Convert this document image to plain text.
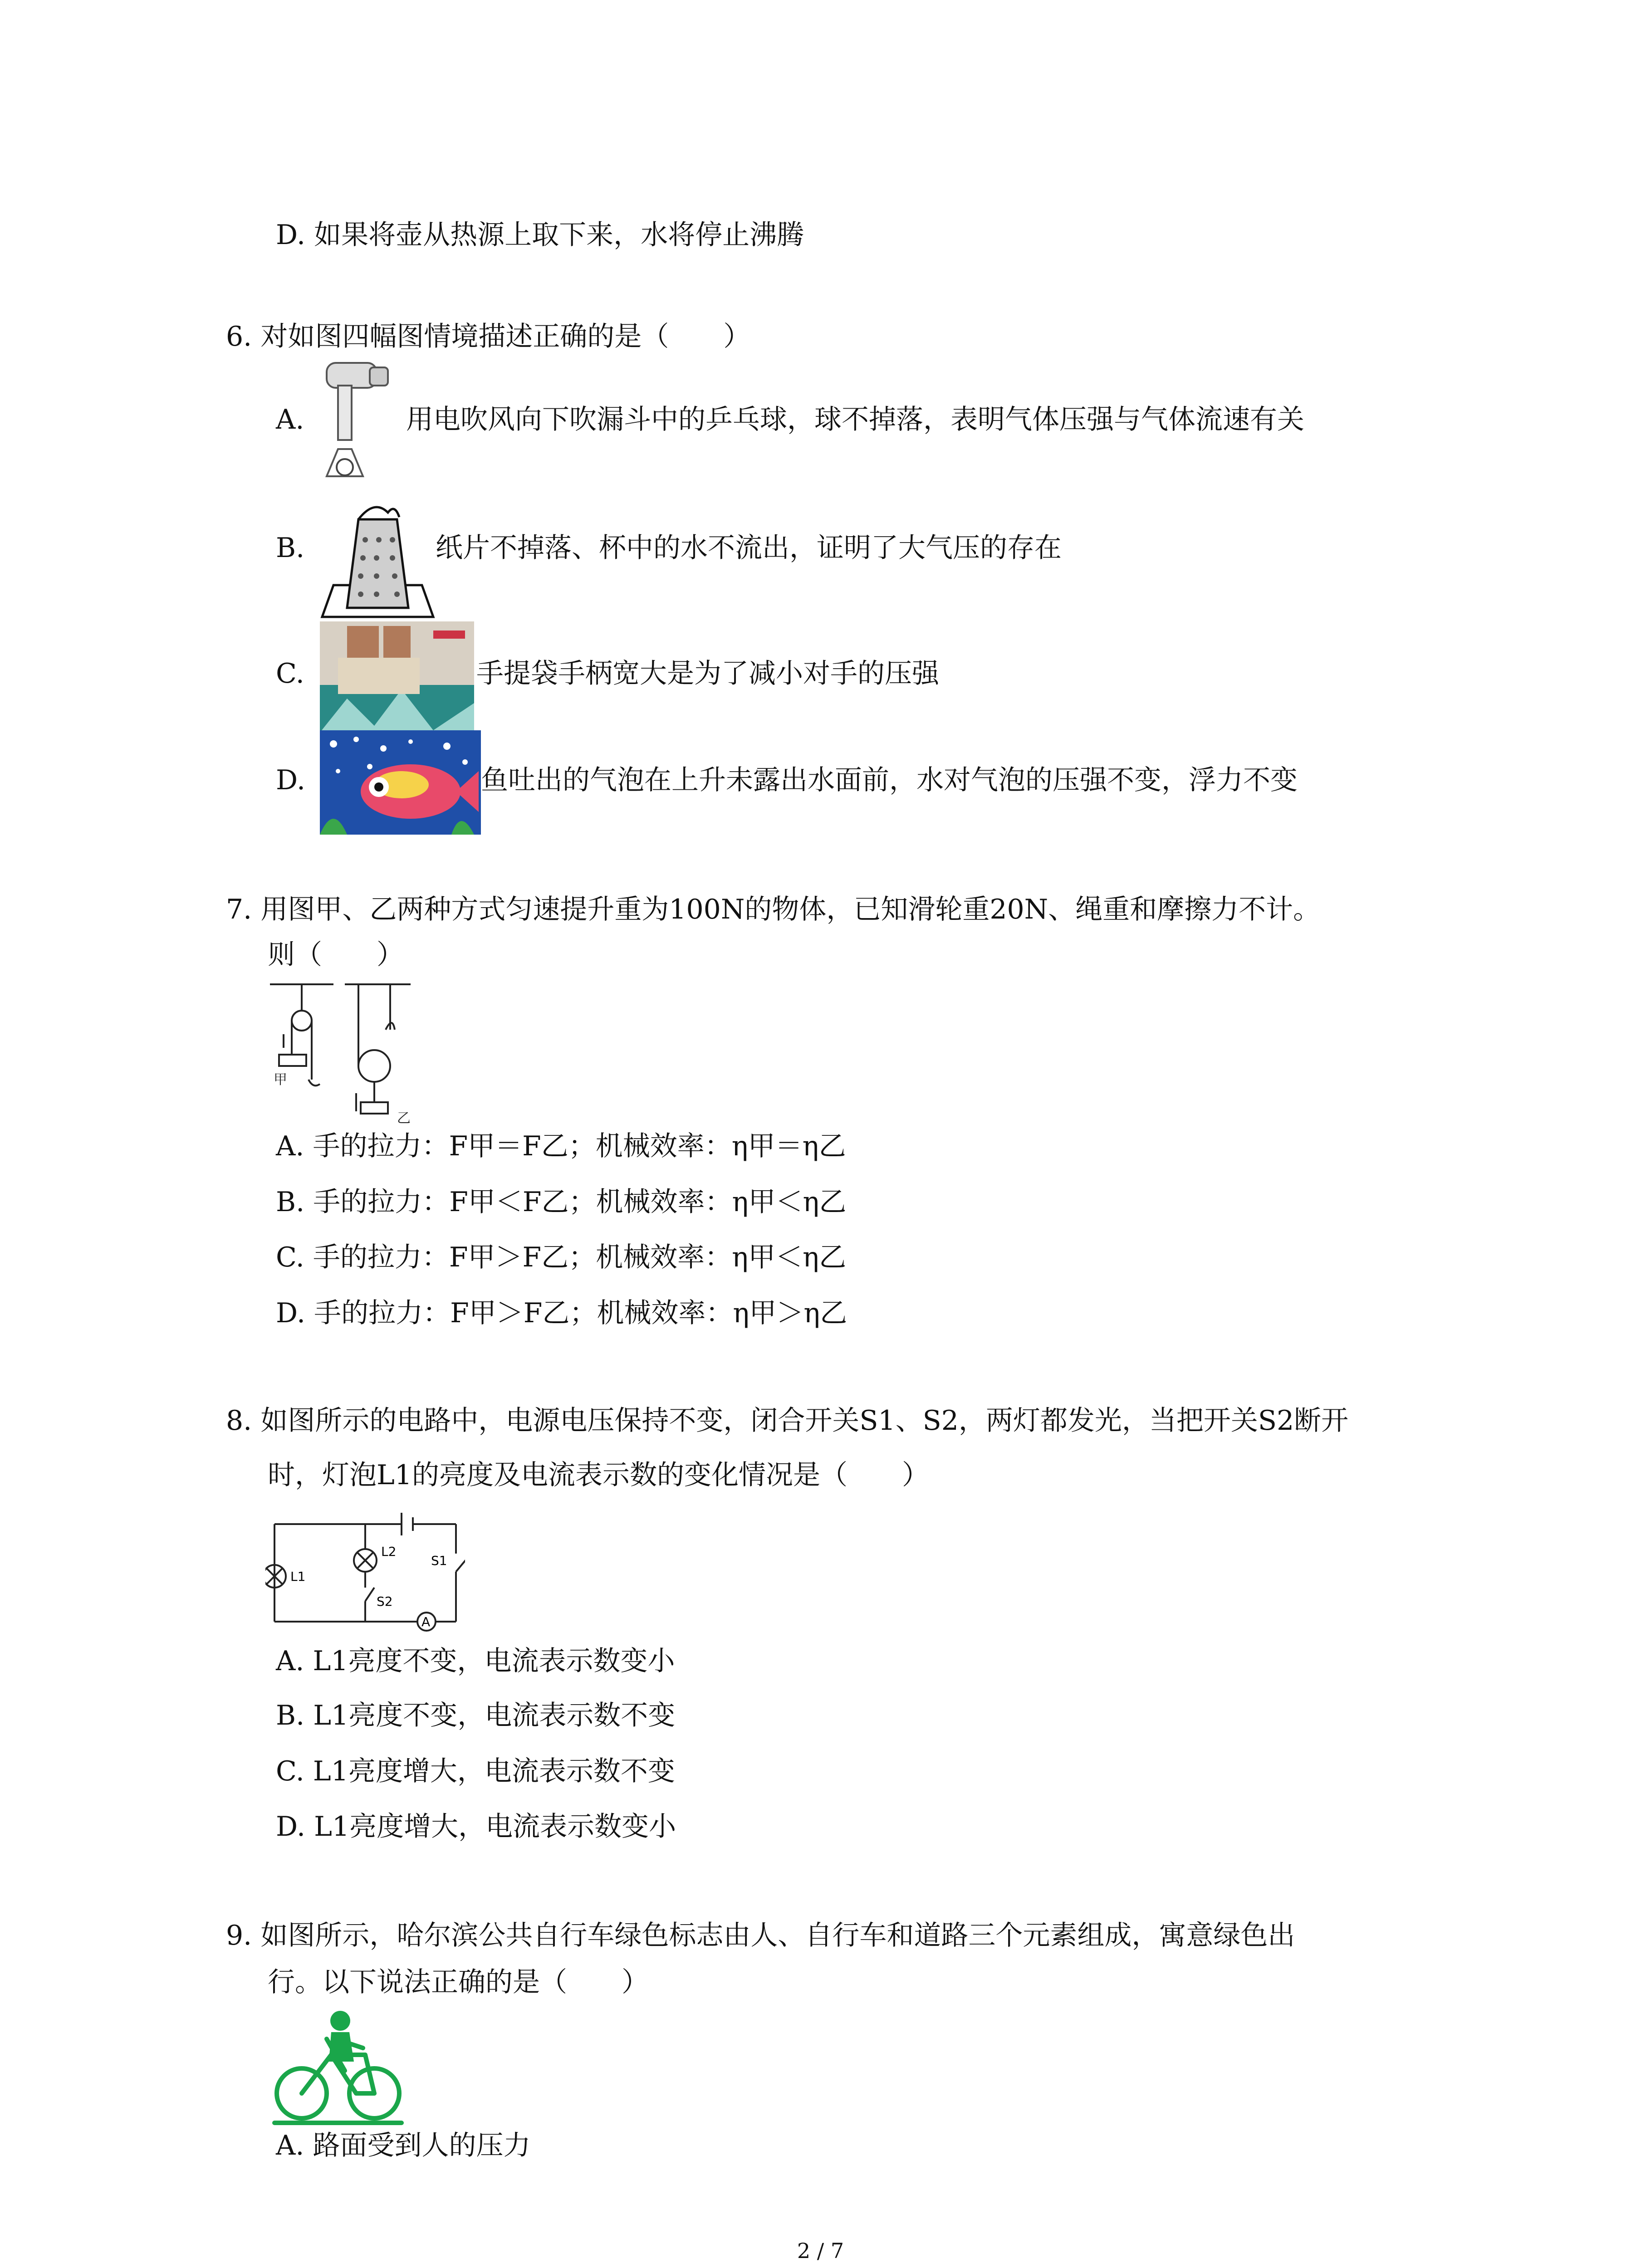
D. 如果将壶从热源上取下来，水将停止沸腾
6. 对如图四幅图情境描述正确的是（　　）
A.	用电吹风向下吹漏斗中的乒乓球，球不掉落，表明气体压强与气体流速有关
B.	纸片不掉落、杯中的水不流出，证明了大气压的存在
C.	手提袋手柄宽大是为了减小对手的压强
D.	鱼吐出的气泡在上升未露出水面前，水对气泡的压强不变，浮力不变
7. 用图甲、乙两种方式匀速提升重为100N的物体，已知滑轮重20N、绳重和摩擦力不计。
则（　　）
甲
乙
A. 手的拉力：F甲＝F乙；机械效率：η甲＝η乙
B. 手的拉力：F甲＜F乙；机械效率：η甲＜η乙
C. 手的拉力：F甲＞F乙；机械效率：η甲＜η乙
D. 手的拉力：F甲＞F乙；机械效率：η甲＞η乙
8. 如图所示的电路中，电源电压保持不变，闭合开关S1、S2，两灯都发光，当把开关S2断开
时，灯泡L1的亮度及电流表示数的变化情况是（　　）
L1
L2
S1
S2
A
A. L1亮度不变，电流表示数变小
B. L1亮度不变，电流表示数不变
C. L1亮度增大，电流表示数不变
D. L1亮度增大，电流表示数变小
9. 如图所示，哈尔滨公共自行车绿色标志由人、自行车和道路三个元素组成，寓意绿色出
行。以下说法正确的是（　　）
A. 路面受到人的压力
2 / 7
